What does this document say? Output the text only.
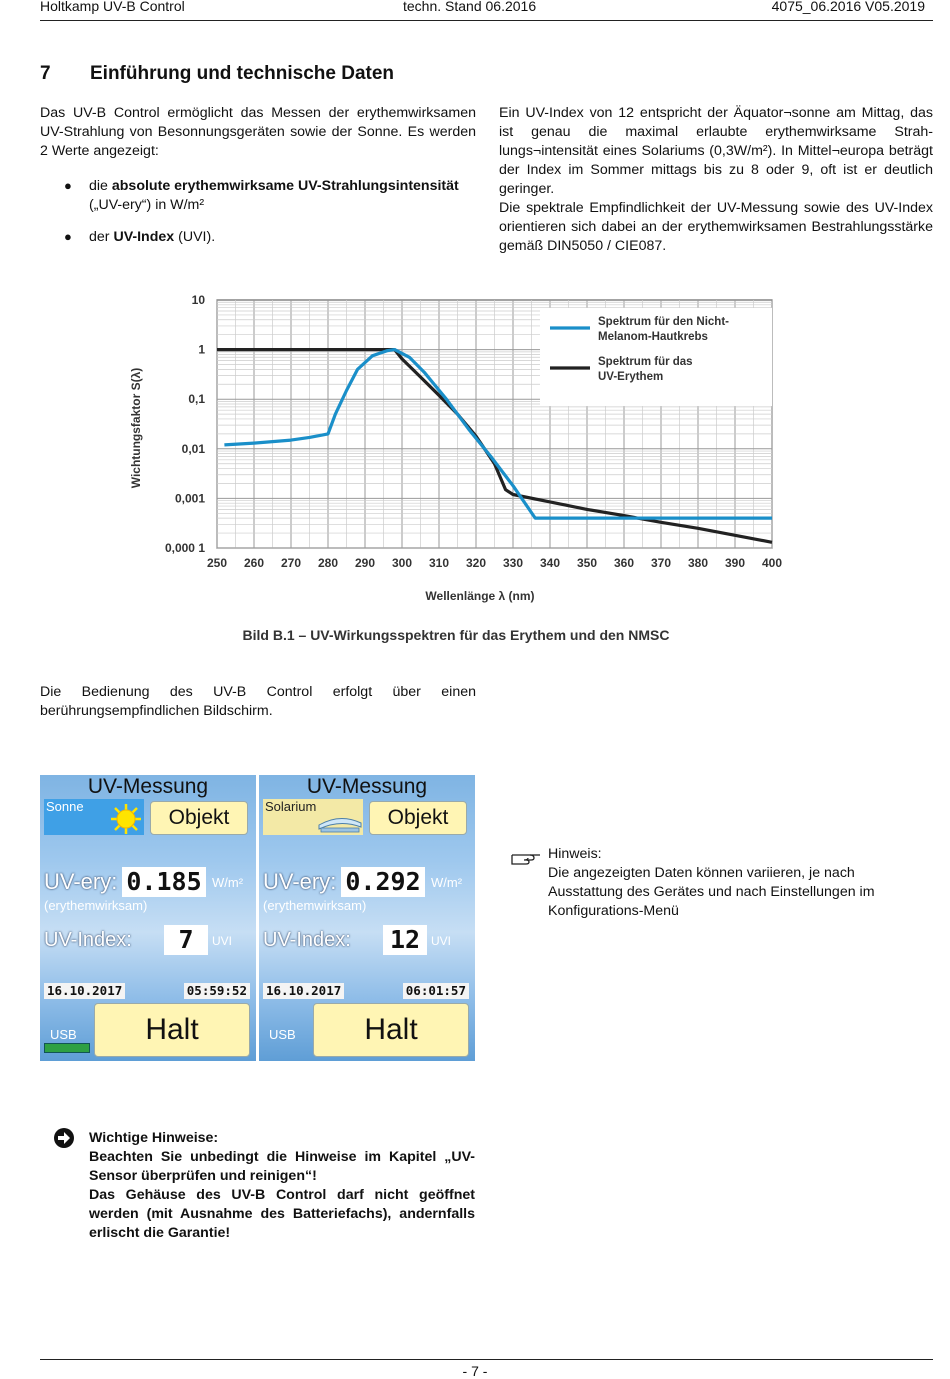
Holtkamp UV-B Control	techn. Stand 06.2016	4075_06.2016 V05.2019
7 Einführung und technische Daten
Das UV-B Control ermöglicht das Messen der erythemwirksamen UV-Strahlung von Besonnungsgeräten sowie der Sonne. Es werden 2 Werte angezeigt:
● die absolute erythemwirksame UV-Strahlungsintensität („UV-ery“) in W/m²
● der UV-Index (UVI).
Ein UV-Index von 12 entspricht der Äquator¬sonne am Mittag, das ist genau die maximal erlaubte erythemwirksame Strah-lungs¬intensität eines Solariums (0,3W/m²). In Mittel¬europa beträgt der Index im Sommer mittags bis zu 8 oder 9, oft ist er deutlich geringer.
Die spektrale Empfindlichkeit der UV-Messung sowie des UV-Index orientieren sich dabei an der erythemwirksamen Bestrahlungsstärke gemäß DIN5050 / CIE087.
10
1
0,1
0,01
0,001
0,000 1
250 260 270 280 290 300 310 320 330 340 350 360 370 380 390 400
Spektrum für den Nicht-
Melanom-Hautkrebs
Spektrum für das
UV-Erythem
Wichtungsfaktor S(λ)
Wellenlänge λ (nm)
Bild B.1 – UV-Wirkungsspektren für das Erythem und den NMSC
Die Bedienung des UV-B Control erfolgt über einen berührungsempfindlichen Bildschirm.
UV-Messung
Sonne	Objekt
UV-ery: 0.185 W/m²
(erythemwirksam)
UV-Index:	7	UVI
16.10.2017	05:59:52
USB	Halt
UV-Messung
Solarium	Objekt
UV-ery: 0.292 W/m²
(erythemwirksam)
UV-Index: 12 UVI
16.10.2017	06:01:57
USB	Halt
Hinweis:
Die angezeigten Daten können variieren, je nach Ausstattung des Gerätes und nach Einstellungen im Konfigurations-Menü
Wichtige Hinweise:
Beachten Sie unbedingt die Hinweise im Kapitel „UV-Sensor überprüfen und reinigen“!
Das Gehäuse des UV-B Control darf nicht geöffnet werden (mit Ausnahme des Batteriefachs), andernfalls erlischt die Garantie!
- 7 -
